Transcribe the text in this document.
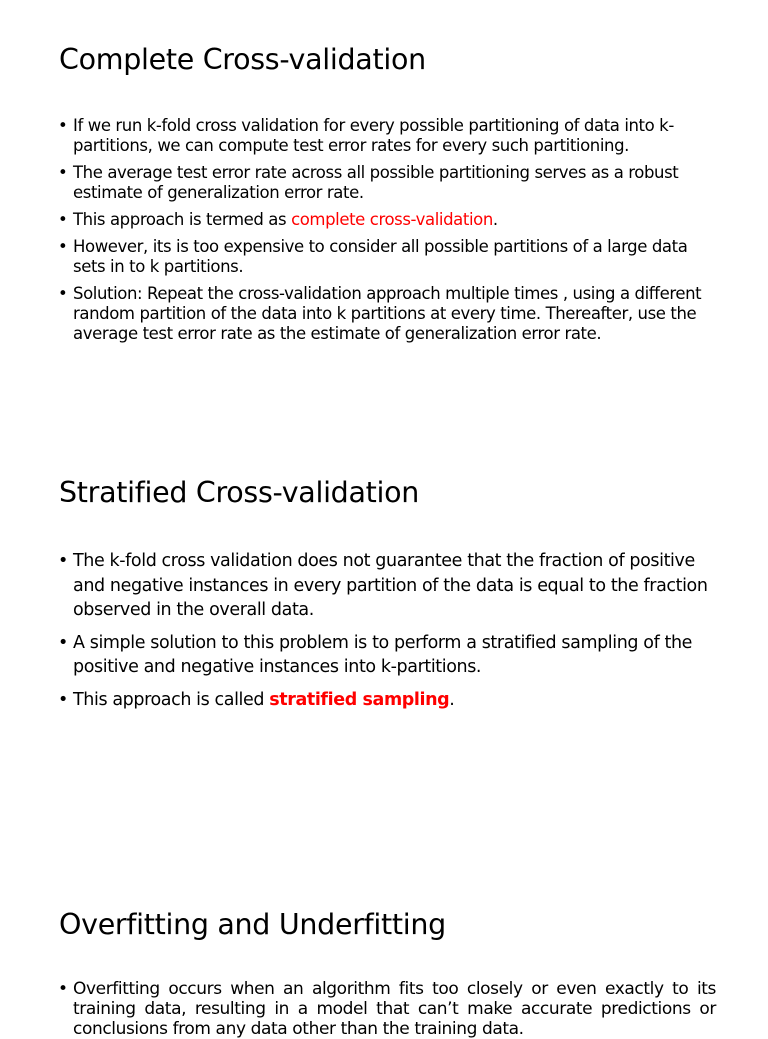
Complete Cross-validation
• If we run k-fold cross validation for every possible partitioning of data into k-partitions, we can compute test error rates for every such partitioning.
• The average test error rate across all possible partitioning serves as a robust estimate of generalization error rate.
• This approach is termed as complete cross-validation.
• However, its is too expensive to consider all possible partitions of a large data sets in to k partitions.
• Solution: Repeat the cross-validation approach multiple times , using a different random partition of the data into k partitions at every time. Thereafter, use the average test error rate as the estimate of generalization error rate.
Stratified Cross-validation
• The k-fold cross validation does not guarantee that the fraction of positive and negative instances in every partition of the data is equal to the fraction observed in the overall data.
• A simple solution to this problem is to perform a stratified sampling of the positive and negative instances into k-partitions.
• This approach is called stratified sampling.
Overfitting and Underfitting
• Overfitting occurs when an algorithm fits too closely or even exactly to its training data, resulting in a model that can’t make accurate predictions or conclusions from any data other than the training data.
